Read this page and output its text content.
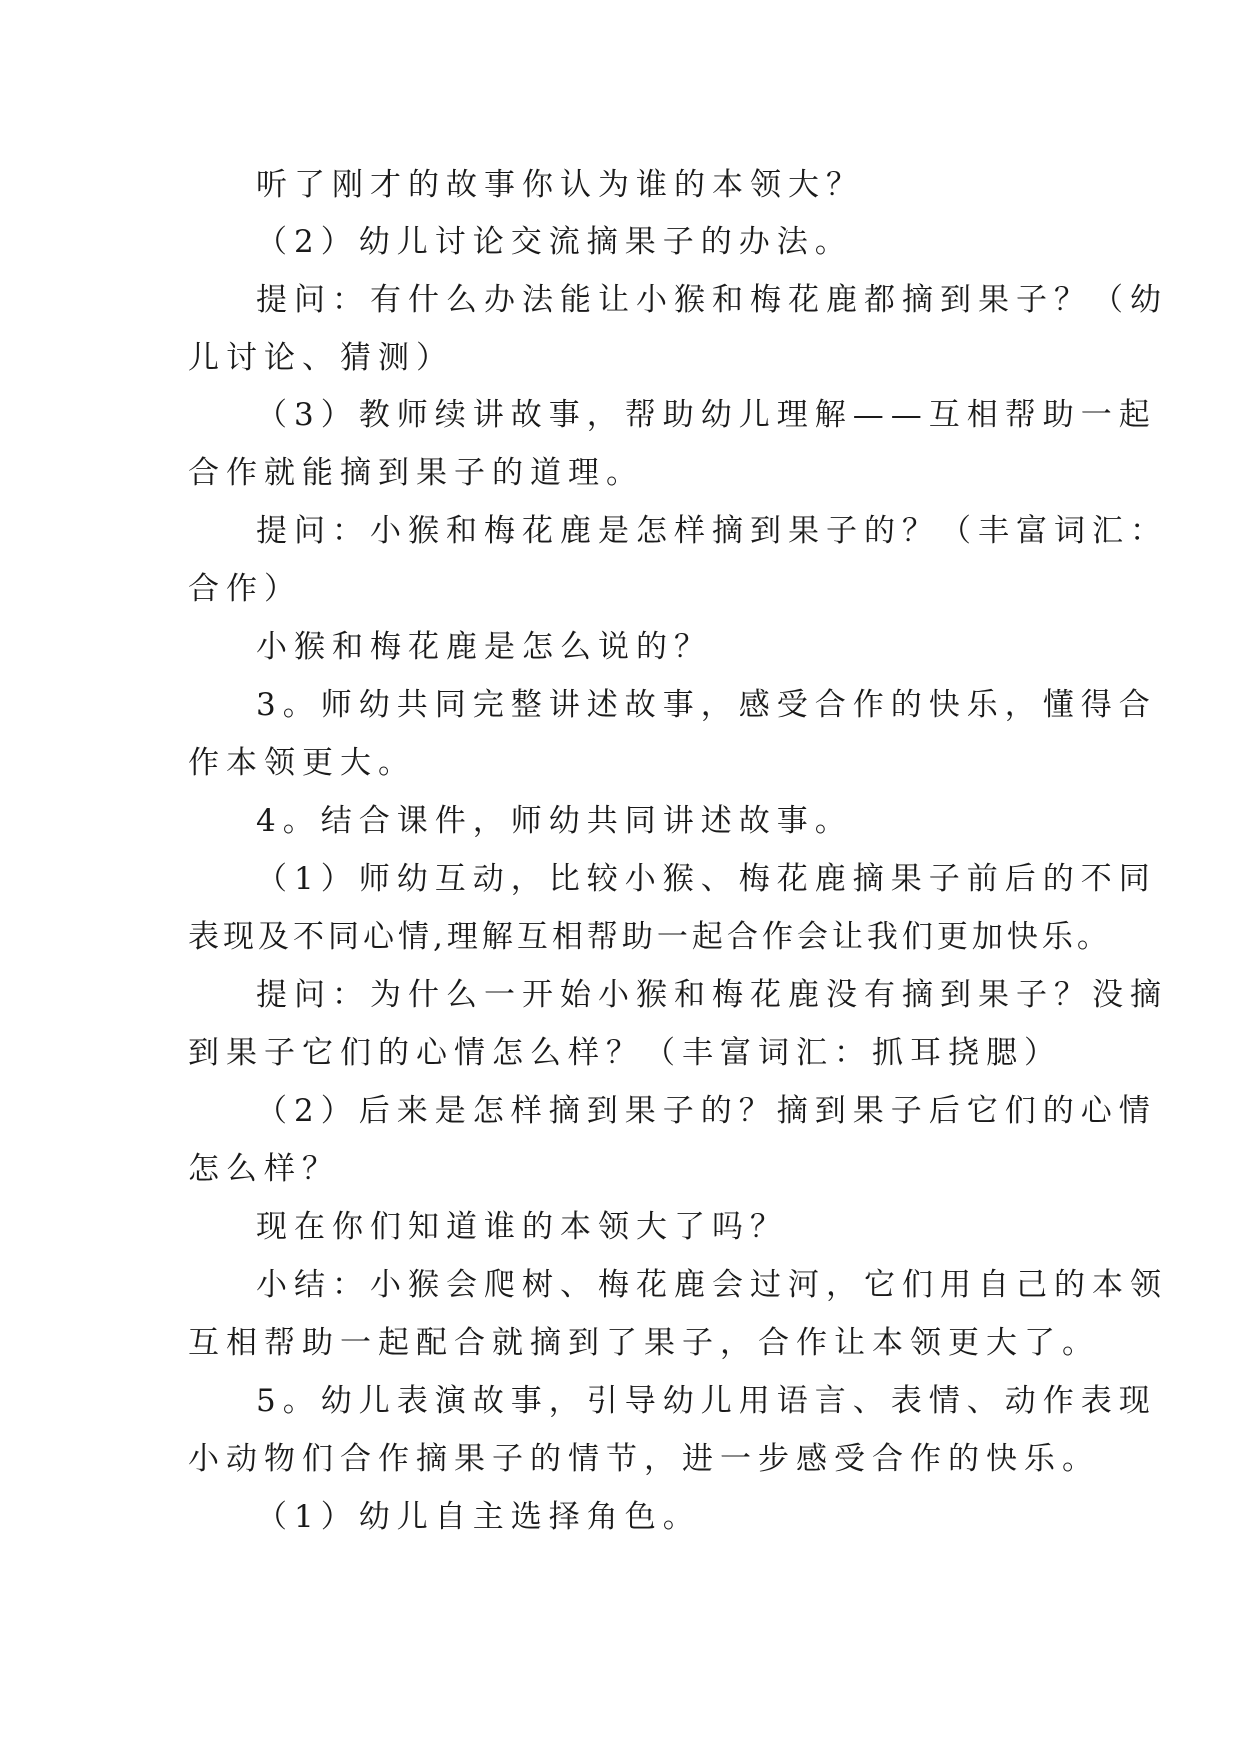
听了刚才的故事你认为谁的本领大？
（2）幼儿讨论交流摘果子的办法。
提问：有什么办法能让小猴和梅花鹿都摘到果子？（幼
儿讨论、猜测）
（3）教师续讲故事，帮助幼儿理解——互相帮助一起
合作就能摘到果子的道理。
提问：小猴和梅花鹿是怎样摘到果子的？（丰富词汇：
合作）
小猴和梅花鹿是怎么说的？
3。师幼共同完整讲述故事，感受合作的快乐，懂得合
作本领更大。
4。结合课件，师幼共同讲述故事。
（1）师幼互动，比较小猴、梅花鹿摘果子前后的不同
表现及不同心情,理解互相帮助一起合作会让我们更加快乐。
提问：为什么一开始小猴和梅花鹿没有摘到果子？没摘
到果子它们的心情怎么样？（丰富词汇：抓耳挠腮）
（2）后来是怎样摘到果子的？摘到果子后它们的心情
怎么样？
现在你们知道谁的本领大了吗？
小结：小猴会爬树、梅花鹿会过河，它们用自己的本领
互相帮助一起配合就摘到了果子，合作让本领更大了。
5。幼儿表演故事，引导幼儿用语言、表情、动作表现
小动物们合作摘果子的情节，进一步感受合作的快乐。
（1）幼儿自主选择角色。
